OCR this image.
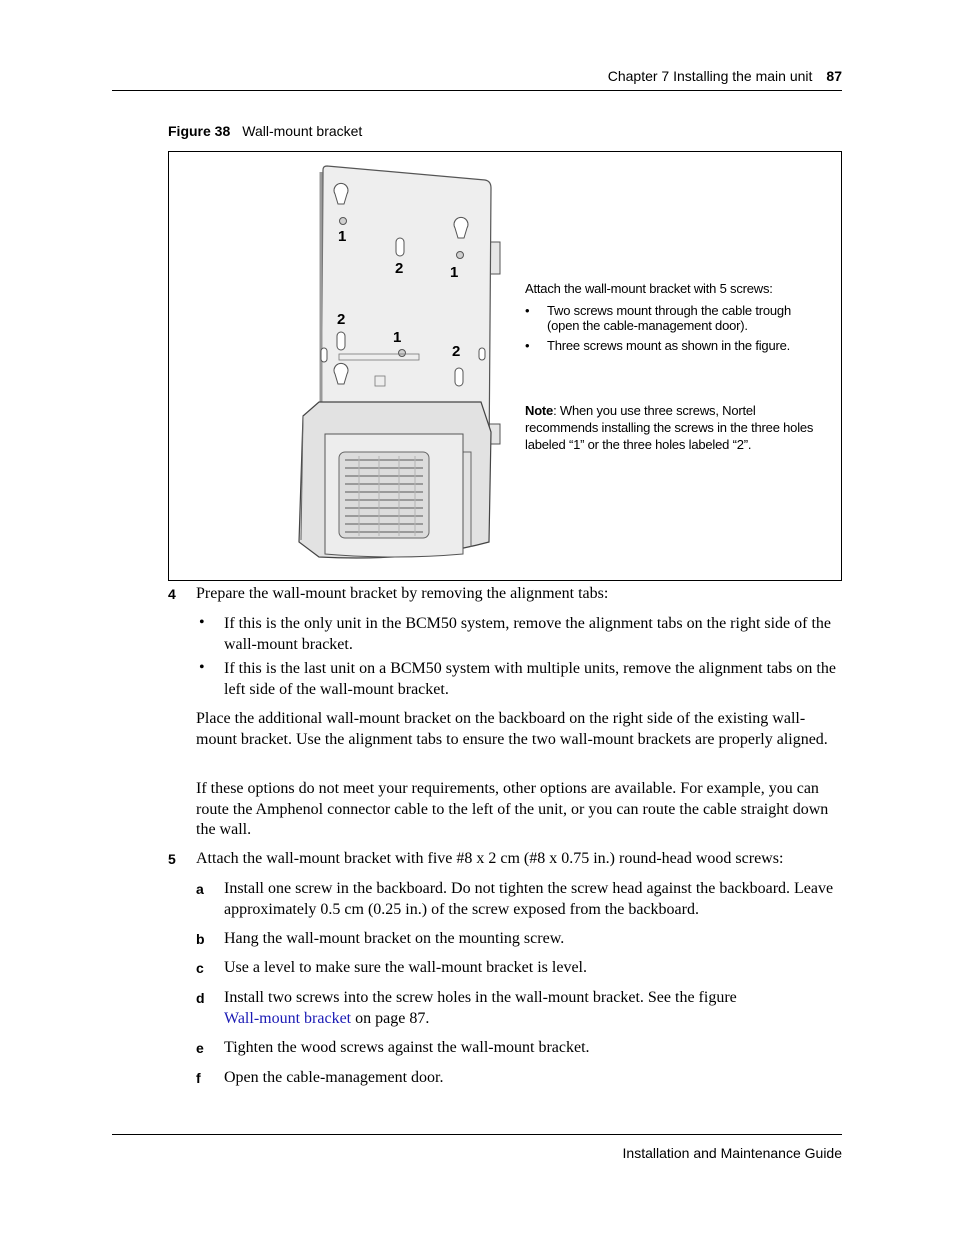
Chapter 7 Installing the main unit 87
Figure 38 Wall-mount bracket
1
2	1
2
1
2
Attach the wall-mount bracket with 5 screws:
• Two screws mount through the cable trough (open the cable-management door).
• Three screws mount as shown in the figure.
Note: When you use three screws, Nortel recommends installing the screws in the three holes labeled “1” or the three holes labeled “2”.
4 Prepare the wall-mount bracket by removing the alignment tabs:
• If this is the only unit in the BCM50 system, remove the alignment tabs on the right side of the wall-mount bracket.
• If this is the last unit on a BCM50 system with multiple units, remove the alignment tabs on the left side of the wall-mount bracket.
Place the additional wall-mount bracket on the backboard on the right side of the existing wall-mount bracket. Use the alignment tabs to ensure the two wall-mount brackets are properly aligned.
If these options do not meet your requirements, other options are available. For example, you can route the Amphenol connector cable to the left of the unit, or you can route the cable straight down the wall.
5 Attach the wall-mount bracket with five #8 x 2 cm (#8 x 0.75 in.) round-head wood screws:
a Install one screw in the backboard. Do not tighten the screw head against the backboard. Leave approximately 0.5 cm (0.25 in.) of the screw exposed from the backboard.
b Hang the wall-mount bracket on the mounting screw.
c Use a level to make sure the wall-mount bracket is level.
d Install two screws into the screw holes in the wall-mount bracket. See the figure
Wall-mount bracket on page 87.
e Tighten the wood screws against the wall-mount bracket.
f Open the cable-management door.
Installation and Maintenance Guide
